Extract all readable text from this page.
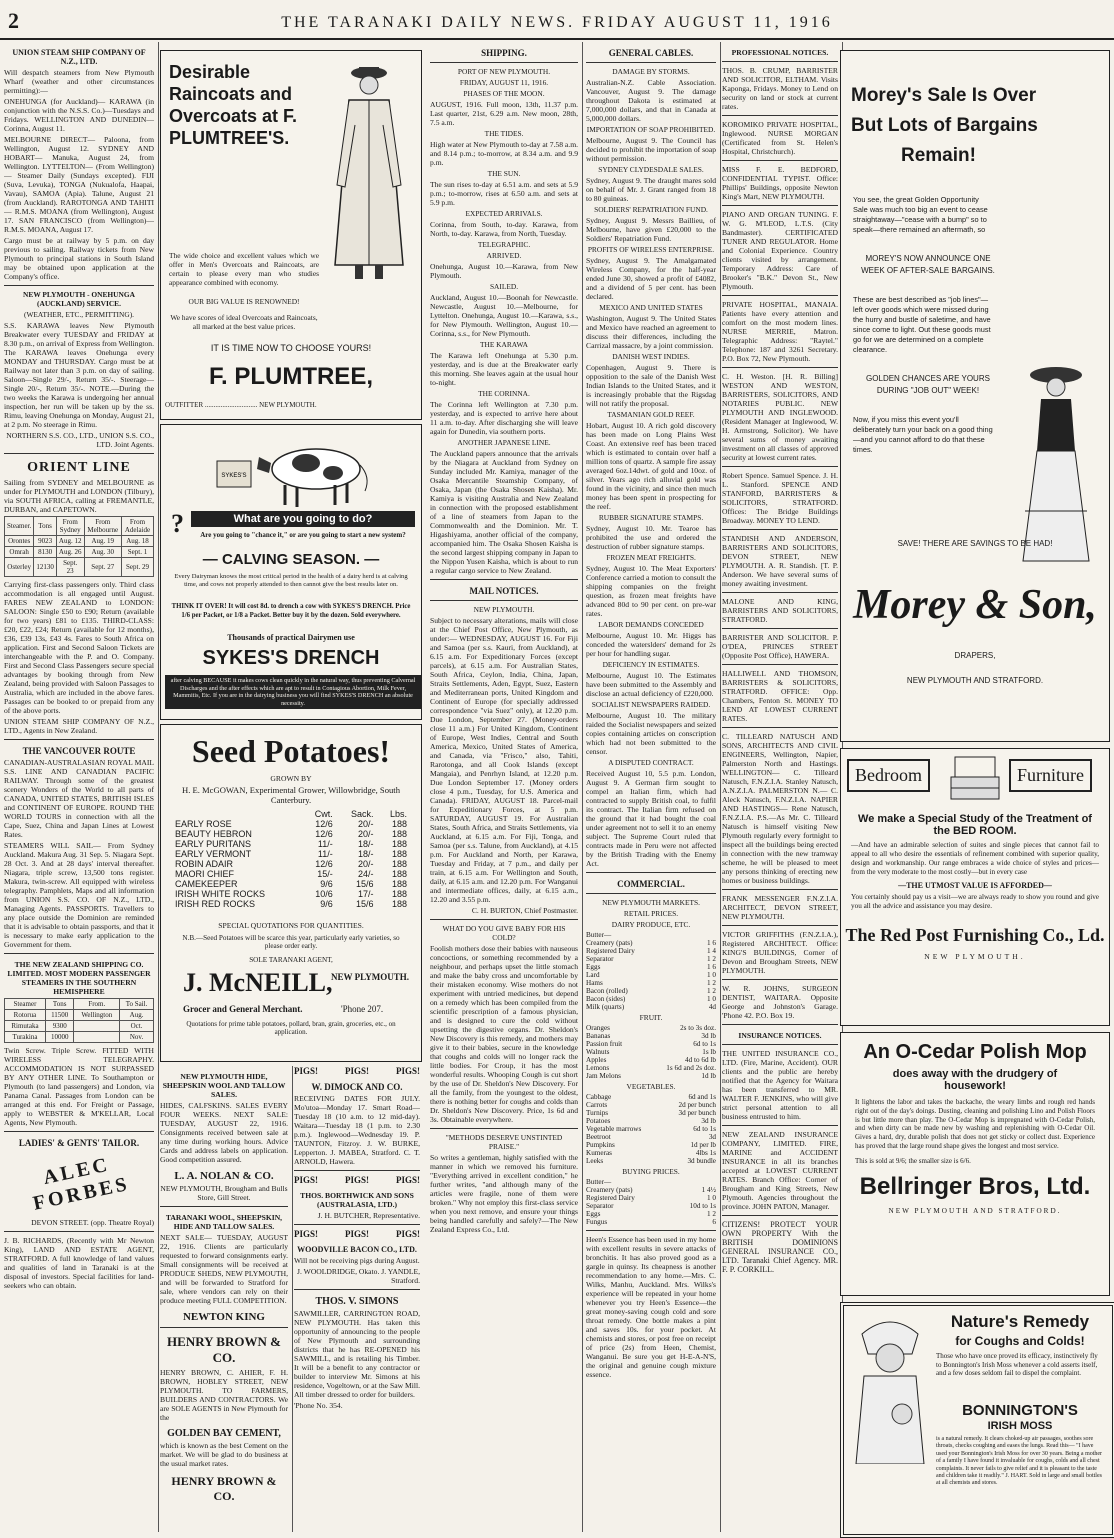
2	THE TARANAKI DAILY NEWS. FRIDAY AUGUST 11, 1916
UNION STEAM SHIP COMPANY OF N.Z., LTD.

Will despatch steamers from New Plymouth Wharf (weather and other circumstances permitting):—

ONEHUNGA (for Auckland)— KARAWA (in conjunction with the N.S.S. Co.)—Tuesdays and Fridays. WELLINGTON AND DUNEDIN— Corinna, August 11.

MELBOURNE DIRECT— Paloona, from Wellington, August 12. SYDNEY AND HOBART— Manuka, August 24, from Wellington. LYTTELTON— (From Wellington)— Steamer Daily (Sundays excepted). FIJI (Suva, Levuka), TONGA (Nukualofa, Haapai, Vavau), SAMOA (Apia). Talune, August 21 (from Auckland). RAROTONGA AND TAHITI— R.M.S. MOANA (from Wellington), August 17. SAN FRANCISCO (from Wellington)— R.M.S. MOANA, August 17.

Cargo must be at railway by 5 p.m. on day previous to sailing. Railway tickets from New Plymouth to principal stations in South Island may be obtained upon application at the Company's office.

NEW PLYMOUTH - ONEHUNGA (AUCKLAND) SERVICE.
(WEATHER, ETC., PERMITTING).

S.S. KARAWA leaves New Plymouth Breakwater every TUESDAY and FRIDAY at 8.30 p.m., on arrival of Express from Wellington. The KARAWA leaves Onehunga every MONDAY and THURSDAY. Cargo must be at Railway not later than 3 p.m. on day of sailing. Saloon—Single 29/-, Return 35/-. Steerage—Single 20/-, Return 35/-. NOTE.—During the two weeks the Karawa is undergoing her annual inspection, her run will be taken up by the ss. Rimu, leaving Onehunga on Monday, August 21, at 2 p.m. No steerage in Rimu.

NORTHERN S.S. CO., LTD., UNION S.S. CO., LTD. Joint Agents.

ORIENT LINE

Sailing from SYDNEY and MELBOURNE as under for PLYMOUTH and LONDON (Tilbury), via SOUTH AFRICA, calling at FREMANTLE, DURBAN, and CAPETOWN.

Steamer.	Tons	From Sydney	From Melbourne	From Adelaide
Orontes	9023	Aug. 12	Aug. 19	Aug. 18
Omrah	8130	Aug. 26	Aug. 30	Sept. 1
Osterley	12130	Sept. 23	Sept. 27	Sept. 29

Carrying first-class passengers only. Third class accommodation is all engaged until August. FARES NEW ZEALAND to LONDON: SALOON: Single £50 to £90; Return (available for two years) £81 to £135. THIRD-CLASS: £20, £22, £24; Return (available for 12 months), £36, £39 13s, £43 4s. Fares to South Africa on application. First and Second Saloon Tickets are interchangeable with the P. and O. Company. First and Second Class Passengers secure special advantages by booking through from New Zealand, being provided with Saloon Passages to Australia, which are included in the above fares. Passages can be booked to or prepaid from any of the above ports.

UNION STEAM SHIP COMPANY OF N.Z., LTD., Agents in New Zealand.

THE VANCOUVER ROUTE

CANADIAN-AUSTRALASIAN ROYAL MAIL S.S. LINE AND CANADIAN PACIFIC RAILWAY. Through some of the greatest scenery Wonders of the World to all parts of CANADA, UNITED STATES, BRITISH ISLES and CONTINENT OF EUROPE. ROUND THE WORLD TOURS in connection with all the Cape, Suez, China and Japan Lines at Lowest Rates.

STEAMERS WILL SAIL— From Sydney Auckland. Makura Aug. 31 Sep. 5. Niagara Sept. 28 Oct. 3. And at 28 days' interval thereafter. Niagara, triple screw, 13,500 tons register. Makura, twin-screw. All equipped with wireless telegraphy. Pamphlets, Maps and all information from UNION S.S. CO. OF N.Z., LTD., Managing Agents. PASSPORTS. Travellers to any place outside the Dominion are reminded that it is advisable to obtain passports, and that it is necessary to make early application to the Government for them.

THE NEW ZEALAND SHIPPING CO. LIMITED. MOST MODERN PASSENGER STEAMERS IN THE SOUTHERN HEMISPHERE
Steamer	Tons	From.	To Sail.
Rotorua	11500	Wellington	Aug.
Rimutaka	9300		Oct.
Turakina	10000		Nov.

Twin Screw. Triple Screw. FITTED WITH WIRELESS TELEGRAPHY. ACCOMMODATION IS NOT SURPASSED BY ANY OTHER LINE. To Southampton or Plymouth (to land passengers) and London, via Panama Canal. Passages from London can be arranged at this end. For Freight or Passage, apply to WEBSTER & M'KELLAR, Local Agents, New Plymouth.

LADIES' & GENTS' TAILOR.
ALEC FORBES

DEVON STREET. (opp. Theatre Royal)

J. B. RICHARDS, (Recently with Mr Newton King), LAND AND ESTATE AGENT, STRATFORD. A full knowledge of land values and qualities of land in Taranaki is at the disposal of investors. Special facilities for land-seekers who can obtain.

Desirable Raincoats and Overcoats at F. PLUMTREE'S.

The wide choice and excellent values which we offer in Men's Overcoats and Raincoats, are certain to please every man who studies appearance combined with economy.

OUR BIG VALUE IS RENOWNED!

We have scores of ideal Overcoats and Raincoats, all marked at the best value prices.

IT IS TIME NOW TO CHOOSE YOURS!
F. PLUMTREE,
OUTFITTER .............................. NEW PLYMOUTH.
SYKES'S
?	What are you going to do?
Are you going to "chance it," or are you going to start a new system?
— CALVING SEASON. —

Every Dairyman knows the most critical period in the health of a dairy herd is at calving time, and cows not properly attended to then cannot give the best results later on.

THINK IT OVER! It will cost 8d. to drench a cow with SYKES'S DRENCH. Price 1/6 per Packet, or 1/8 a Packet. Better buy it by the dozen. Sold everywhere.

Thousands of practical Dairymen use
SYKES'S DRENCH

after calving BECAUSE it makes cows clean quickly in the natural way, thus preventing Calvernal Discharges and the after effects which are apt to result in Contagious Abortion, Milk Fever, Mammitis, Etc. If you are in the dairying business you will find SYKES'S DRENCH an absolute necessity.

Seed Potatoes!
GROWN BY
H. E. McGOWAN, Experimental Grower, Willowbridge, South Canterbury.
	Cwt.	Sack.	Lbs.
EARLY ROSE	12/6	20/-	188
BEAUTY HEBRON	12/6	20/-	188
EARLY PURITANS	11/-	18/-	188
EARLY VERMONT	11/-	18/-	188
ROBIN ADAIR	12/6	20/-	188
MAORI CHIEF	15/-	24/-	188
CAMEKEEPER	9/6	15/6	188
IRISH WHITE ROCKS	10/6	17/-	188
IRISH RED ROCKS	9/6	15/6	188
SPECIAL QUOTATIONS FOR QUANTITIES.

N.B.—Seed Potatoes will be scarce this year, particularly early varieties, so please order early.

SOLE TARANAKI AGENT,
J. McNEILL,
NEW PLYMOUTH.
Grocer and General Merchant.	'Phone 207.

Quotations for prime table potatoes, pollard, bran, grain, groceries, etc., on application.

NEW PLYMOUTH HIDE, SHEEPSKIN WOOL AND TALLOW SALES.

HIDES, CALFSKINS. SALES EVERY FOUR WEEKS. NEXT SALE: TUESDAY, AUGUST 22, 1916. Consignments received between sale at any time during working hours. Advice Cards and address labels on application. Good competition assured.

L. A. NOLAN & CO.

NEW PLYMOUTH, Brougham and Bulls Store, Gill Street.

TARANAKI WOOL, SHEEPSKIN, HIDE AND TALLOW SALES.

NEXT SALE— TUESDAY, AUGUST 22, 1916. Clients are particularly requested to forward consignments early. Small consignments will be received at PRODUCE SHEDS, NEW PLYMOUTH, and will be forwarded to Stratford for sale, where vendors can rely on their produce meeting FULL COMPETITION.

NEWTON KING
HENRY BROWN & CO.

HENRY BROWN, C. AHIER, F. H. BROWN, HOBLEY STREET, NEW PLYMOUTH. TO FARMERS, BUILDERS AND CONTRACTORS. We are SOLE AGENTS in New Plymouth for the

GOLDEN BAY CEMENT,

which is known as the best Cement on the market. We will be glad to do business at the usual market rates.

HENRY BROWN & CO.
PIGS!	PIGS!	PIGS!
W. DIMOCK AND CO.

RECEIVING DATES FOR JULY. Mo'utoa—Monday 17. Smart Road—Tuesday 18 (10 a.m. to 12 mid-day). Waitara—Tuesday 18 (1 p.m. to 2.30 p.m.). Inglewood—Wednesday 19. P. TAUNTON, Fitzroy. J. W. BURKE, Lepperton. J. MABEA, Stratford. C. T. ARNOLD, Hawera.

PIGS!	PIGS!	PIGS!
THOS. BORTHWICK AND SONS (AUSTRALASIA, LTD.)

J. H. BUTCHER, Representative.

PIGS!	PIGS!	PIGS!
WOODVILLE BACON CO., LTD.

Will not be receiving pigs during August.

J. WOOLDRIDGE, Okato. J. YANDLE, Stratford.

THOS. V. SIMONS

SAWMILLER, CARRINGTON ROAD, NEW PLYMOUTH. Has taken this opportunity of announcing to the people of New Plymouth and surrounding districts that he has RE-OPENED his SAWMILL, and is retailing his Timber. It will be a benefit to any contractor or builder to interview Mr. Simons at his residence, Vogeltown, or at the Saw Mill. All timber dressed to order for builders.

'Phone No. 354.

SHIPPING.
PORT OF NEW PLYMOUTH.
FRIDAY, AUGUST 11, 1916.
PHASES OF THE MOON.

AUGUST, 1916. Full moon, 13th, 11.37 p.m. Last quarter, 21st, 6.29 a.m. New moon, 28th, 7.5 a.m.

THE TIDES.

High water at New Plymouth to-day at 7.58 a.m. and 8.14 p.m.; to-morrow, at 8.34 a.m. and 9.9 p.m.

THE SUN.

The sun rises to-day at 6.51 a.m. and sets at 5.9 p.m.; to-morrow, rises at 6.50 a.m. and sets at 5.9 p.m.

EXPECTED ARRIVALS.

Corinna, from South, to-day. Karawa, from North, to-day. Karawa, from North, Tuesday.

TELEGRAPHIC.
ARRIVED.

Onehunga, August 10.—Karawa, from New Plymouth.

SAILED.

Auckland, August 10.—Boonah for Newcastle. Newcastle, August 10.—Melbourne, for Lyttelton. Onehunga, August 10.—Karawa, s.s., for New Plymouth. Wellington, August 10.—Corinna, s.s., for New Plymouth.

THE KARAWA

The Karawa left Onehunga at 5.30 p.m. yesterday, and is due at the Breakwater early this morning. She leaves again at the usual hour to-night.

THE CORINNA.

The Corinna left Wellington at 7.30 p.m. yesterday, and is expected to arrive here about 11 a.m. to-day. After discharging she will leave again for Dunedin, via southern ports.

ANOTHER JAPANESE LINE.

The Auckland papers announce that the arrivals by the Niagara at Auckland from Sydney on Sunday included Mr. Kamiya, manager of the Osaka Mercantile Steamship Company, of Osaka, Japan (the Osaka Shosen Kaisha). Mr. Kamiya is visiting Australia and New Zealand in connection with the proposed establishment of a line of steamers from Japan to the Commonwealth and the Dominion. Mr. T. Higashiyama, another official of the company, accompanied him. The Osaka Shosen Kaisha is the second largest shipping company in Japan to the Nippon Yusen Kaisha, which is about to run a regular cargo service to New Zealand.

MAIL NOTICES.
NEW PLYMOUTH.

Subject to necessary alterations, mails will close at the Chief Post Office, New Plymouth, as under:— WEDNESDAY, AUGUST 16. For Fiji and Samoa (per s.s. Kauri, from Auckland), at 6.15 a.m. For Expeditionary Forces (except parcels), at 6.15 a.m. For Australian States, South Africa, Ceylon, India, China, Japan, Straits Settlements, Aden, Egypt, Suez, Eastern and Mediterranean ports, United Kingdom and Continent of Europe (for specially addressed correspondence "via Suez" only), at 12.20 p.m. Due London, September 27. (Money-orders close 11 a.m.) For United Kingdom, Continent of Europe, West Indies, Central and South America, Mexico, United States of America, and Canada, via "Frisco," also, Tahiti, Rarotonga, and all Cook Islands (except Mangaia), and Penrhyn Island, at 12.20 p.m. Due London September 17. (Money orders close 4 p.m., Tuesday, for U.S. America and Canada). FRIDAY, AUGUST 18. Parcel-mail for Expeditionary Forces, at 5 p.m. SATURDAY, AUGUST 19. For Australian States, South Africa, and Straits Settlements, via Auckland, at 6.15 a.m. For Fiji, Tonga, and Samoa (per s.s. Talune, from Auckland), at 4.15 p.m. For Auckland and North, per Karawa, Tuesday and Friday, at 7 p.m., and daily per train, at 6.15 a.m. For Wellington and South, daily, at 6.15 a.m. and 12.20 p.m. For Wanganui and intermediate offices, daily, at 6.15 a.m., 12.20 and 3.55 p.m.

C. H. BURTON, Chief Postmaster.

WHAT DO YOU GIVE BABY FOR HIS COLD?

Foolish mothers dose their babies with nauseous concoctions, or something recommended by a neighbour, and perhaps upset the little stomach and make the baby cross and uncomfortable by their mistaken economy. Wise mothers do not experiment with untried medicines, but depend on a remedy which has been compiled from the scientific prescription of a famous physician, and is designed to cure the cold without upsetting the digestive organs. Dr. Sheldon's New Discovery is this remedy, and mothers may give it to their babies, secure in the knowledge that coughs and colds will no longer rack the little bodies. For Croup, it has the most wonderful results. Whooping Cough is cut short by the use of Dr. Sheldon's New Discovery. For all the family, from the youngest to the oldest, there is nothing better for coughs and colds than Dr. Sheldon's New Discovery. Price, 1s 6d and 3s. Obtainable everywhere.

"METHODS DESERVE UNSTINTED PRAISE."

So writes a gentleman, highly satisfied with the manner in which we removed his furniture. "Everything arrived in excellent condition," he further writes, "and although many of the articles were fragile, none of them were broken." Why not employ this first-class service when you next remove, and ensure your things being handled carefully and safely?—The New Zealand Express Co., Ltd.

GENERAL CABLES.
DAMAGE BY STORMS.

Australian-N.Z. Cable Association. Vancouver, August 9. The damage throughout Dakota is estimated at 7,000,000 dollars, and that in Canada at 5,000,000 dollars.

IMPORTATION OF SOAP PROHIBITED.

Melbourne, August 9. The Council has decided to prohibit the importation of soap without permission.

SYDNEY CLYDESDALE SALES.

Sydney, August 9. The draught mares sold on behalf of Mr. J. Grant ranged from 18 to 80 guineas.

SOLDIERS' REPATRIATION FUND.

Sydney, August 9. Messrs Baillieu, of Melbourne, have given £20,000 to the Soldiers' Repatriation Fund.

PROFITS OF WIRELESS ENTERPRISE.

Sydney, August 9. The Amalgamated Wireless Company, for the half-year ended June 30, showed a profit of £4082, and a dividend of 5 per cent. has been declared.

MEXICO AND UNITED STATES

Washington, August 9. The United States and Mexico have reached an agreement to discuss their differences, including the Carrizal massacre, by a joint commission.

DANISH WEST INDIES.

Copenhagen, August 9. There is opposition to the sale of the Danish West Indian Islands to the United States, and it is increasingly probable that the Rigsdag will not ratify the proposal.

TASMANIAN GOLD REEF.

Hobart, August 10. A rich gold discovery has been made on Long Plains West Coast. An extensive reef has been traced which is estimated to contain over half a million tons of quartz. A sample fire assay averaged 6oz.14dwt. of gold and 10oz. of silver. Years ago rich alluvial gold was found in the vicinity, and since then much money has been spent in prospecting for the reef.

RUBBER SIGNATURE STAMPS.

Sydney, August 10. Mr. Tearoe has prohibited the use and ordered the destruction of rubber signature stamps.

FROZEN MEAT FREIGHTS.

Sydney, August 10. The Meat Exporters' Conference carried a motion to consult the shipping companies on the freight question, as frozen meat freights have advanced 80d to 90 per cent. on pre-war rates.

LABOR DEMANDS CONCEDED

Melbourne, August 10. Mr. Higgs has conceded the waterslders' demand for 2s per hour for handling sugar.

DEFICIENCY IN ESTIMATES.

Melbourne, August 10. The Estimates have been submitted to the Assembly and disclose an actual deficiency of £220,000.

SOCIALIST NEWSPAPERS RAIDED.

Melbourne, August 10. The military raided the Socialist newspapers and seized copies containing articles on conscription which had not been submitted to the censor.

A DISPUTED CONTRACT.

Received August 10, 5.5 p.m. London, August 9. A German firm sought to compel an Italian firm, which had contracted to supply British coal, to fulfil its contract. The Italian firm refused on the ground that it had bought the coal under agreement not to sell it to an enemy subject. The Supreme Court ruled that contracts made in Peru were not affected by the British Trading with the Enemy Act.

COMMERCIAL.
NEW PLYMOUTH MARKETS.
RETAIL PRICES.
DAIRY PRODUCE, ETC.
Butter—	
Creamery (pats)	1 6
Registered Dairy	1 4
Separator	1 2
Eggs	1 6
Lard	1 0
Hams	1 2
Bacon (rolled)	1 2
Bacon (sides)	1 0
Milk (quarts)	4d
FRUIT.
Oranges	2s to 3s doz.
Bananas	3d lb
Passion fruit	6d to 1s
Walnuts	1s lb
Apples	4d to 6d lb
Lemons	1s 6d and 2s doz.
Jam Melons	1d lb
VEGETABLES.
Cabbage	6d and 1s
Carrots	2d per bunch
Turnips	3d per bunch
Potatoes	3d lb
Vegetable marrows	6d to 1s
Beetroot	3d
Pumpkins	1d per lb
Kumeras	4lbs 1s
Leeks	3d bundle
BUYING PRICES.
Butter—	
Creamery (pats)	1 4½
Registered Dairy	1 0
Separator	10d to 1s
Eggs	1 2
Fungus	6

Heen's Essence has been used in my home with excellent results in severe attacks of bronchitis. It has also proved good as a gargle in quinsy. Its cheapness is another recommendation to any home.—Mrs. C. Wilks, Manhu, Auckland. Mrs. Wilks's experience will be repeated in your home whenever you try Heen's Essence—the great money-saving cough cold and sore throat remedy. One bottle makes a pint and saves 10s. for your pocket. At chemists and stores, or post free on receipt of price (2s) from Heen, Chemist, Wanganui. Be sure you get H-E-A-N'S, the original and genuine cough mixture essence.

PROFESSIONAL NOTICES.

THOS. B. CRUMP, BARRISTER AND SOLICITOR, ELTHAM. Visits Kaponga, Fridays. Money to Lend on security on land or stock at current rates.

KOROMIKO PRIVATE HOSPITAL, Inglewood. NURSE MORGAN (Certificated from St. Helen's Hospital, Christchurch).

MISS F. E. BEDFORD, CONFIDENTIAL TYPIST. Office: Phillips' Buildings, opposite Newton King's Mart, NEW PLYMOUTH.

PIANO AND ORGAN TUNING. F. W. G. M'LEOD, L.T.S. (City Bandmaster). CERTIFICATED TUNER AND REGULATOR. Home and Colonial Experience. Country clients visited by arrangement. Temporary Address: Care of Brooker's "B.K." Devon St., New Plymouth.

PRIVATE HOSPITAL, MANAIA. Patients have every attention and comfort on the most modern lines. NURSE MERRIE, Matron. Telegraphic Address: "Raytel." Telephone: 187 and 3261 Secretary. P.O. Box 72, New Plymouth.

C. H. Weston. [H. R. Billing] WESTON AND WESTON, BARRISTERS, SOLICITORS, AND NOTARIES PUBLIC. NEW PLYMOUTH AND INGLEWOOD. (Resident Manager at Inglewood, W. H. Armstrong, Solicitor). We have several sums of money awaiting investment on all classes of approved security at lowest current rates.

Robert Spence. Samuel Spence. J. H. L. Stanford. SPENCE AND STANFORD, BARRISTERS & SOLICITORS, STRATFORD. Offices: The Bridge Buildings Broadway. MONEY TO LEND.

STANDISH AND ANDERSON, BARRISTERS AND SOLICITORS, DEVON STREET, NEW PLYMOUTH. A. R. Standish. [T. P. Anderson. We have several sums of money awaiting investment.

MALONE AND KING, BARRISTERS AND SOLICITORS, STRATFORD.

BARRISTER AND SOLICITOR. P. O'DEA, PRINCES STREET (Opposite Post Office), HAWERA.

HALLIWELL AND THOMSON, BARRISTERS & SOLICITORS, STRATFORD. OFFICE: Opp. Chambers, Fenton St. MONEY TO LEND AT LOWEST CURRENT RATES.

C. TILLEARD NATUSCH AND SONS, ARCHITECTS AND CIVIL ENGINEERS, Wellington, Napier, Palmerston North and Hastings. WELLINGTON— C. Tilleard Natusch, F.N.Z.I.A. Stanley Natusch, A.N.Z.I.A. PALMERSTON N.— C. Aleck Natusch, F.N.Z.I.A. NAPIER AND HASTINGS— Rene Natusch, F.N.Z.I.A. P.S.—As Mr. C. Tilleard Natusch is himself visiting New Plymouth regularly every fortnight to inspect all the buildings being erected in connection with the new tramway scheme, he will be pleased to meet any persons thinking of erecting new homes or business buildings.

FRANK MESSENGER F.N.Z.I.A. ARCHITECT, DEVON STREET, NEW PLYMOUTH.

VICTOR GRIFFITHS (F.N.Z.I.A.), Registered ARCHITECT. Office: KING'S BUILDINGS, Corner of Devon and Brougham Streets, NEW PLYMOUTH.

W. R. JOHNS, SURGEON DENTIST, WAITARA. Opposite George and Johnston's Garage. 'Phone 42. P.O. Box 19.

INSURANCE NOTICES.

THE UNITED INSURANCE CO., LTD. (Fire, Marine, Accident). OUR clients and the public are hereby notified that the Agency for Waitara has been transferred to MR. WALTER F. JENKINS, who will give strict personal attention to all business entrusted to him.

NEW ZEALAND INSURANCE COMPANY, LIMITED. FIRE, MARINE and ACCIDENT INSURANCE in all its branches accepted at LOWEST CURRENT RATES. Branch Office: Corner of Brougham and King Streets, New Plymouth. Agencies throughout the province. JOHN PATON, Manager.

CITIZENS! PROTECT YOUR OWN PROPERTY With the BRITISH DOMINIONS GENERAL INSURANCE CO., LTD. Taranaki Chief Agency. MR. F. P. CORKILL.

Morey's Sale Is Over
But Lots of Bargains
Remain!

You see, the great Golden Opportunity Sale was much too big an event to cease straightaway—"cease with a bump" so to speak—there remained an aftermath, so

MOREY'S NOW ANNOUNCE ONE WEEK OF AFTER-SALE BARGAINS.

These are best described as "job lines"—left over goods which were missed during the hurry and bustle of saletime, and have since come to light. Out these goods must go for we are determined on a complete clearance.

GOLDEN CHANCES ARE YOURS DURING "JOB OUT" WEEK!

Now, if you miss this event you'll deliberately turn your back on a good thing—and you cannot afford to do that these times.

SAVE! THERE ARE SAVINGS TO BE HAD!

Morey & Son,
DRAPERS,
NEW PLYMOUTH AND STRATFORD.
Bedroom	Furniture
We make a Special Study of the Treatment of the BED ROOM.

—And have an admirable selection of suites and single pieces that cannot fail to appeal to all who desire the essentials of refinement combined with superior quality, design and workmanship. Our range embraces a wide choice of styles and prices—from the very moderate to the most costly—but in every case

—THE UTMOST VALUE IS AFFORDED—

You certainly should pay us a visit—we are always ready to show you round and give you all the advice and assistance you may desire.

The Red Post Furnishing Co., Ld.
NEW PLYMOUTH.
An O-Cedar Polish Mop
does away with the drudgery of housework!

It lightens the labor and takes the backache, the weary limbs and rough red hands right out of the day's doings. Dusting, cleaning and polishing Lino and Polish Floors is but little more than play. The O-Cedar Mop is impregnated with O-Cedar Polish, and when dirty can be made new by washing and replenishing with O-Cedar Oil. Gives a hard, dry, durable polish that does not get sticky or collect dust. Experience has proved that the large round shape gives the longest and most service.

This is sold at 9/6; the smaller size is 6/6.

Bellringer Bros, Ltd.
NEW PLYMOUTH AND STRATFORD.
Nature's Remedy
for Coughs and Colds!

Those who have once proved its efficacy, instinctively fly to Bonnington's Irish Moss whenever a cold asserts itself, and a few doses seldom fail to dispel the complaint.

BONNINGTON'S
IRISH MOSS

is a natural remedy. It clears choked-up air passages, soothes sore throats, checks coughing and eases the lungs. Read this— "I have used your Bonnington's Irish Moss for over 30 years. Being a mother of a family I have found it invaluable for coughs, colds and all chest complaints. It never fails to give relief and it is pleasant to the taste and children take it readily." J. HART. Sold in large and small bottles at all chemists and stores.
